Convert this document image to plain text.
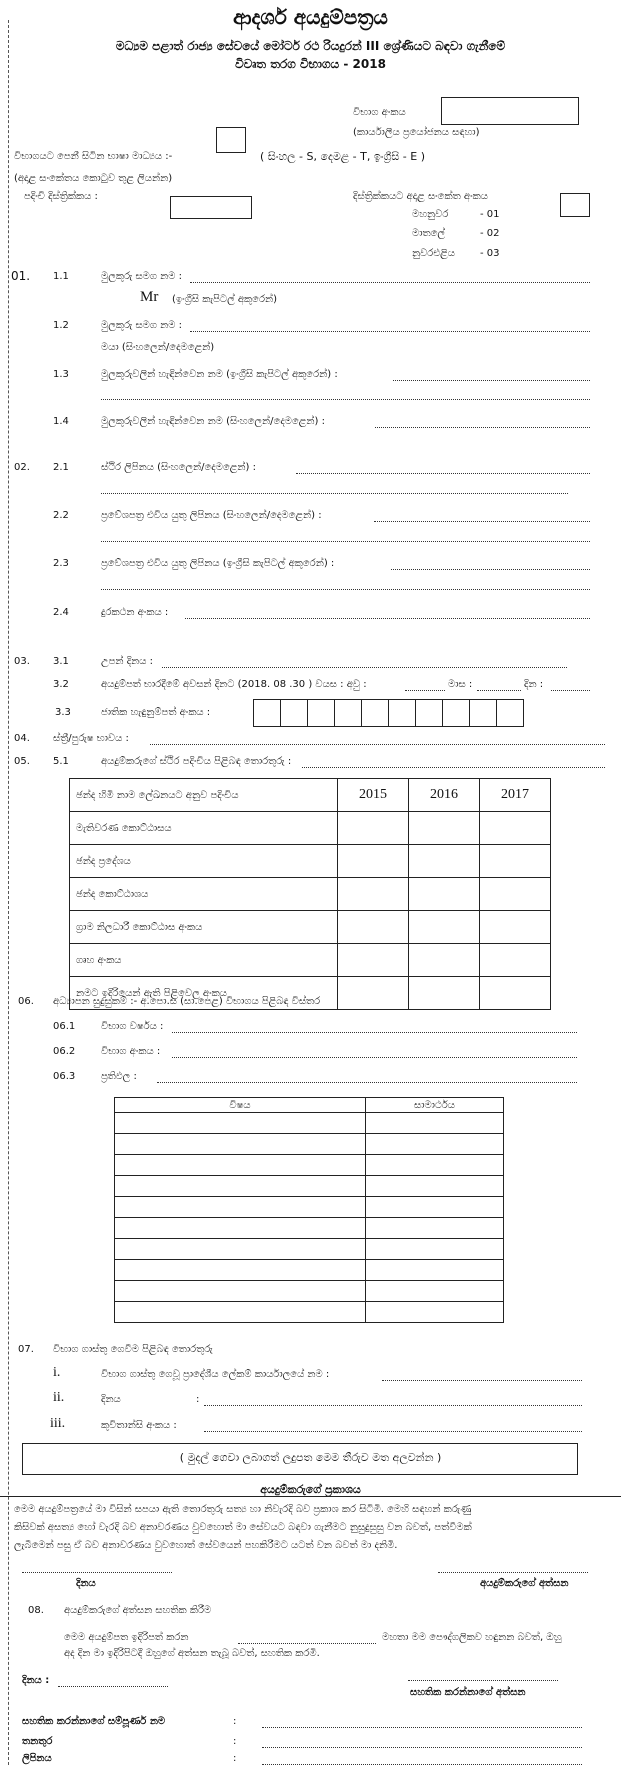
ආදර්ශ අයදුම්පත්‍රය
මධ්‍යම පළාත් රාජ්‍ය සේවයේ මෝටර් රථ රියදුරන් III ශ්‍රේණියට බඳවා ගැනීමේ
විවෘත තරග විභාගය - 2018
විභාග අංකය
(කාර්යාලීය ප්‍රයෝජනය සඳහා)
විභාගයට පෙනී සිටින භාෂා මාධ්‍යය :-	( සිංහල - S, දෙමළ - T, ඉංග්‍රීසි - E )
(අදාළ සංකේතය කොටුව තුළ ලියන්න)
පදිංචි දිස්ත්‍රික්කය :	දිස්ත්‍රික්කයට අදාළ සංකේත අංකය
මහනුවර	- 01
මාතලේ	- 02
නුවරඑළිය	- 03
01. 1.1	මුලකුරු සමග නම :
Mr (ඉංග්‍රීසි කැපිටල් අකුරෙන්)
1.2	මුලකුරු සමග නම :
මයා (සිංහලෙන්/දෙමළෙන්)
1.3	මුලකුරුවලින් හැඳින්වෙන නම (ඉංග්‍රීසි කැපිටල් අකුරෙන්) :
1.4	මුලකුරුවලින් හැඳින්වෙන නම (සිංහලෙන්/දෙමළෙන්) :
02. 2.1	ස්ථිර ලිපිනය (සිංහලෙන්/දෙමළෙන්) :
2.2	ප්‍රවේශපත්‍ර එවිය යුතු ලිපිනය (සිංහලෙන්/දෙමළෙන්) :
2.3	ප්‍රවේශපත්‍ර එවිය යුතු ලිපිනය (ඉංග්‍රීසි කැපිටල් අකුරෙන්) :
2.4	දුරකථන අංකය :
03. 3.1	උපන් දිනය :
3.2	අයදුම්පත් භාරදීමේ අවසන් දිනට (2018. 08 .30 ) වයස : අවු :	මාස :	දින :
3.3	ජාතික හැඳුනුම්පත් අංකය :
04. ස්ත්‍රී/පුරුෂ භාවය :
05. 5.1	අයදුම්කරුගේ ස්ථිර පදිංචිය පිළිබඳ තොරතුරු :
ඡන්ද හිමි නාම ලේඛනයට අනුව පදිංචිය	2015	2016	2017
මැතිවරණ කොට්ඨාසය			
ඡන්ද ප්‍රදේශය			
ඡන්ද කොට්ඨාශය			
ග්‍රාම නිලධාරී කොට්ඨාස අංකය			
ගෘහ අංකය			
නමට ඉදිරියෙන් ඇති පිළිවෙල අංකය			
06. අධ්‍යාපන සුදුසුකම් :- අ.පො.ස (සා.පෙළ) විභාගය පිළිබඳ විස්තර
06.1	විභාග වර්ෂය :
06.2	විභාග අංකය :
06.3	ප්‍රතිඵල :
විෂය	සාමාර්ථය

07. විභාග ගාස්තු ගෙවීම පිළිබඳ තොරතුරු
i.	විභාග ගාස්තු ගෙවූ ප්‍රාදේශීය ලේකම් කාර්යාලයේ නම :
ii.	දිනය	:
iii.	කුවිතාන්සි අංකය :
( මුදල් ගෙවා ලබාගත් ලදුපත මෙම තීරුව මත අලවන්න )
අයදුම්කරුගේ ප්‍රකාශය
මෙම අයදුම්පත්‍රයේ මා විසින් සපයා ඇති තොරතුරු සත්‍ය හා නිවැරදි බව ප්‍රකාශ කර සිටිමි. මෙහි සඳහන් කරුණු
කිසිවක් අසත්‍ය හෝ වැරදි බව අනාවරණය වුවහොත් මා සේවයට බඳවා ගැනීමට නුසුදුසුසු වන බවත්, පත්වීමක්
ලැබීමෙන් පසු ඒ බව අනාවරණය වුවහොත් සේවයෙන් පහකිරීමට යටත් වන බවත් මා දනිමි.
දිනය	අයදුම්කරුගේ අත්සන
08. අයදුම්කරුගේ අත්සන සහතික කිරීම
මෙම අයදුම්පත ඉදිරිපත් කරන	මහතා මම පෞද්ගලිකව හඳුනන බවත්, ඔහු
අද දින මා ඉදිරිපිටදී ඔහුගේ අත්සන තැබූ බවත්, සහතික කරමි.
දිනය :
සහතික කරන්නාගේ අත්සන
සහතික කරන්නාගේ සම්පූර්ණ නම	:
තනතුර	:
ලිපිනය	:
